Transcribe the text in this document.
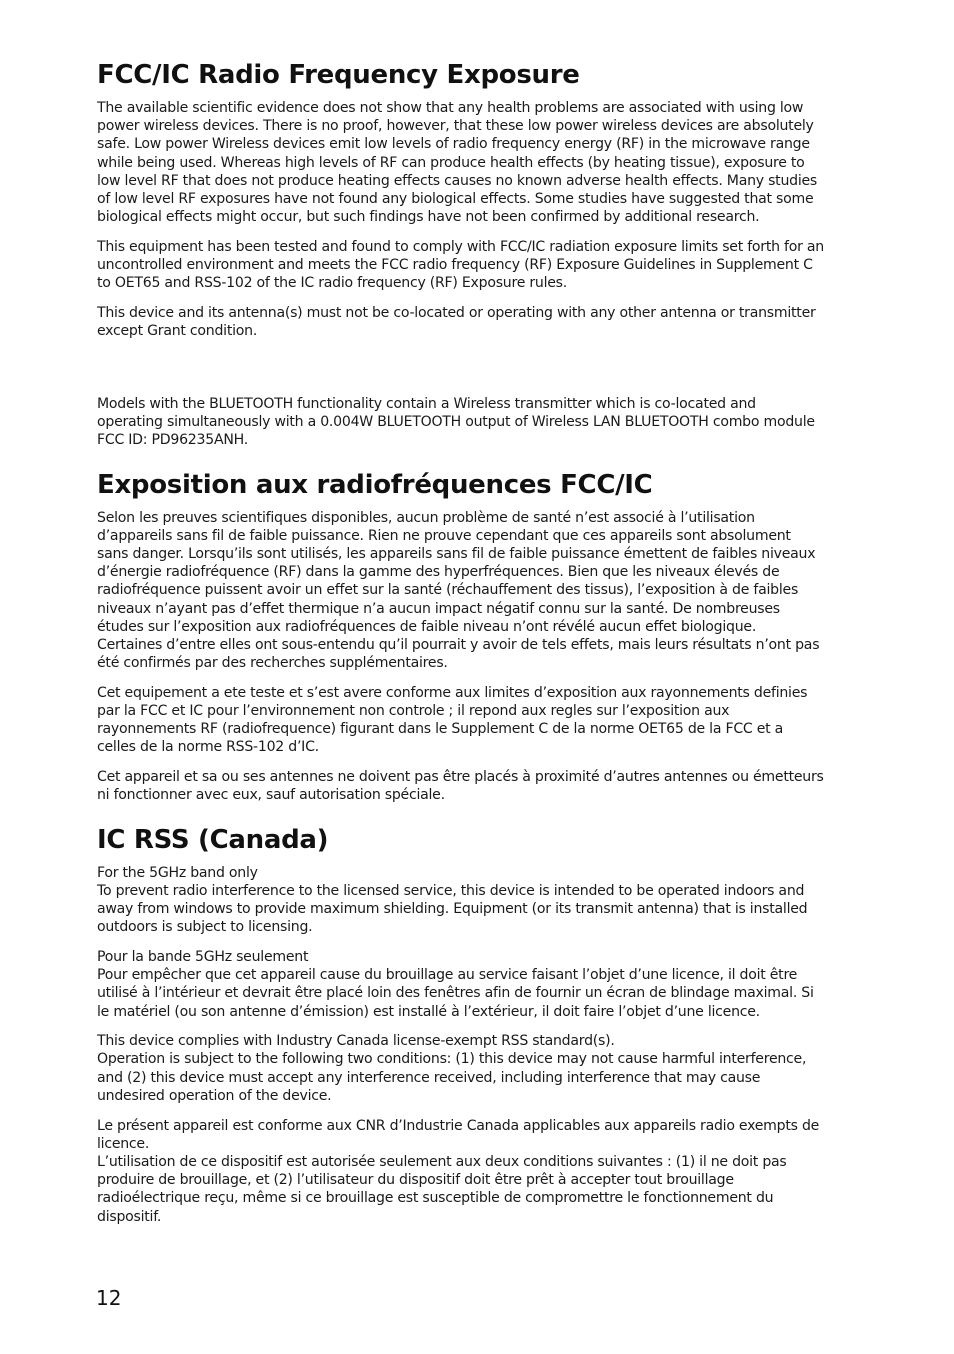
FCC/IC Radio Frequency Exposure

The available scientific evidence does not show that any health problems are associated with using low power wireless devices. There is no proof, however, that these low power wireless devices are absolutely safe. Low power Wireless devices emit low levels of radio frequency energy (RF) in the microwave range while being used. Whereas high levels of RF can produce health effects (by heating tissue), exposure to low level RF that does not produce heating effects causes no known adverse health effects. Many studies of low level RF exposures have not found any biological effects. Some studies have suggested that some biological effects might occur, but such findings have not been confirmed by additional research.

This equipment has been tested and found to comply with FCC/IC radiation exposure limits set forth for an uncontrolled environment and meets the FCC radio frequency (RF) Exposure Guidelines in Supplement C to OET65 and RSS-102 of the IC radio frequency (RF) Exposure rules.

This device and its antenna(s) must not be co-located or operating with any other antenna or transmitter except Grant condition.

Models with the BLUETOOTH functionality contain a Wireless transmitter which is co-located and operating simultaneously with a 0.004W BLUETOOTH output of Wireless LAN BLUETOOTH combo module FCC ID: PD96235ANH.

Exposition aux radiofréquences FCC/IC

Selon les preuves scientifiques disponibles, aucun problème de santé n’est associé à l’utilisation d’appareils sans fil de faible puissance. Rien ne prouve cependant que ces appareils sont absolument sans danger. Lorsqu’ils sont utilisés, les appareils sans fil de faible puissance émettent de faibles niveaux d’énergie radiofréquence (RF) dans la gamme des hyperfréquences. Bien que les niveaux élevés de radiofréquence puissent avoir un effet sur la santé (réchauffement des tissus), l’exposition à de faibles niveaux n’ayant pas d’effet thermique n’a aucun impact négatif connu sur la santé. De nombreuses études sur l’exposition aux radiofréquences de faible niveau n’ont révélé aucun effet biologique. Certaines d’entre elles ont sous-entendu qu’il pourrait y avoir de tels effets, mais leurs résultats n’ont pas été confirmés par des recherches supplémentaires.

Cet equipement a ete teste et s’est avere conforme aux limites d’exposition aux rayonnements definies par la FCC et IC pour l’environnement non controle ; il repond aux regles sur l’exposition aux rayonnements RF (radiofrequence) figurant dans le Supplement C de la norme OET65 de la FCC et a celles de la norme RSS-102 d’IC.

Cet appareil et sa ou ses antennes ne doivent pas être placés à proximité d’autres antennes ou émetteurs ni fonctionner avec eux, sauf autorisation spéciale.

IC RSS (Canada)

For the 5GHz band only
To prevent radio interference to the licensed service, this device is intended to be operated indoors and away from windows to provide maximum shielding. Equipment (or its transmit antenna) that is installed outdoors is subject to licensing.

Pour la bande 5GHz seulement
Pour empêcher que cet appareil cause du brouillage au service faisant l’objet d’une licence, il doit être utilisé à l’intérieur et devrait être placé loin des fenêtres afin de fournir un écran de blindage maximal. Si le matériel (ou son antenne d’émission) est installé à l’extérieur, il doit faire l’objet d’une licence.

This device complies with Industry Canada license-exempt RSS standard(s).
Operation is subject to the following two conditions: (1) this device may not cause harmful interference, and (2) this device must accept any interference received, including interference that may cause undesired operation of the device.

Le présent appareil est conforme aux CNR d’Industrie Canada applicables aux appareils radio exempts de licence.
L’utilisation de ce dispositif est autorisée seulement aux deux conditions suivantes : (1) il ne doit pas produire de brouillage, et (2) l’utilisateur du dispositif doit être prêt à accepter tout brouillage radioélectrique reçu, même si ce brouillage est susceptible de compromettre le fonctionnement du dispositif.

12
